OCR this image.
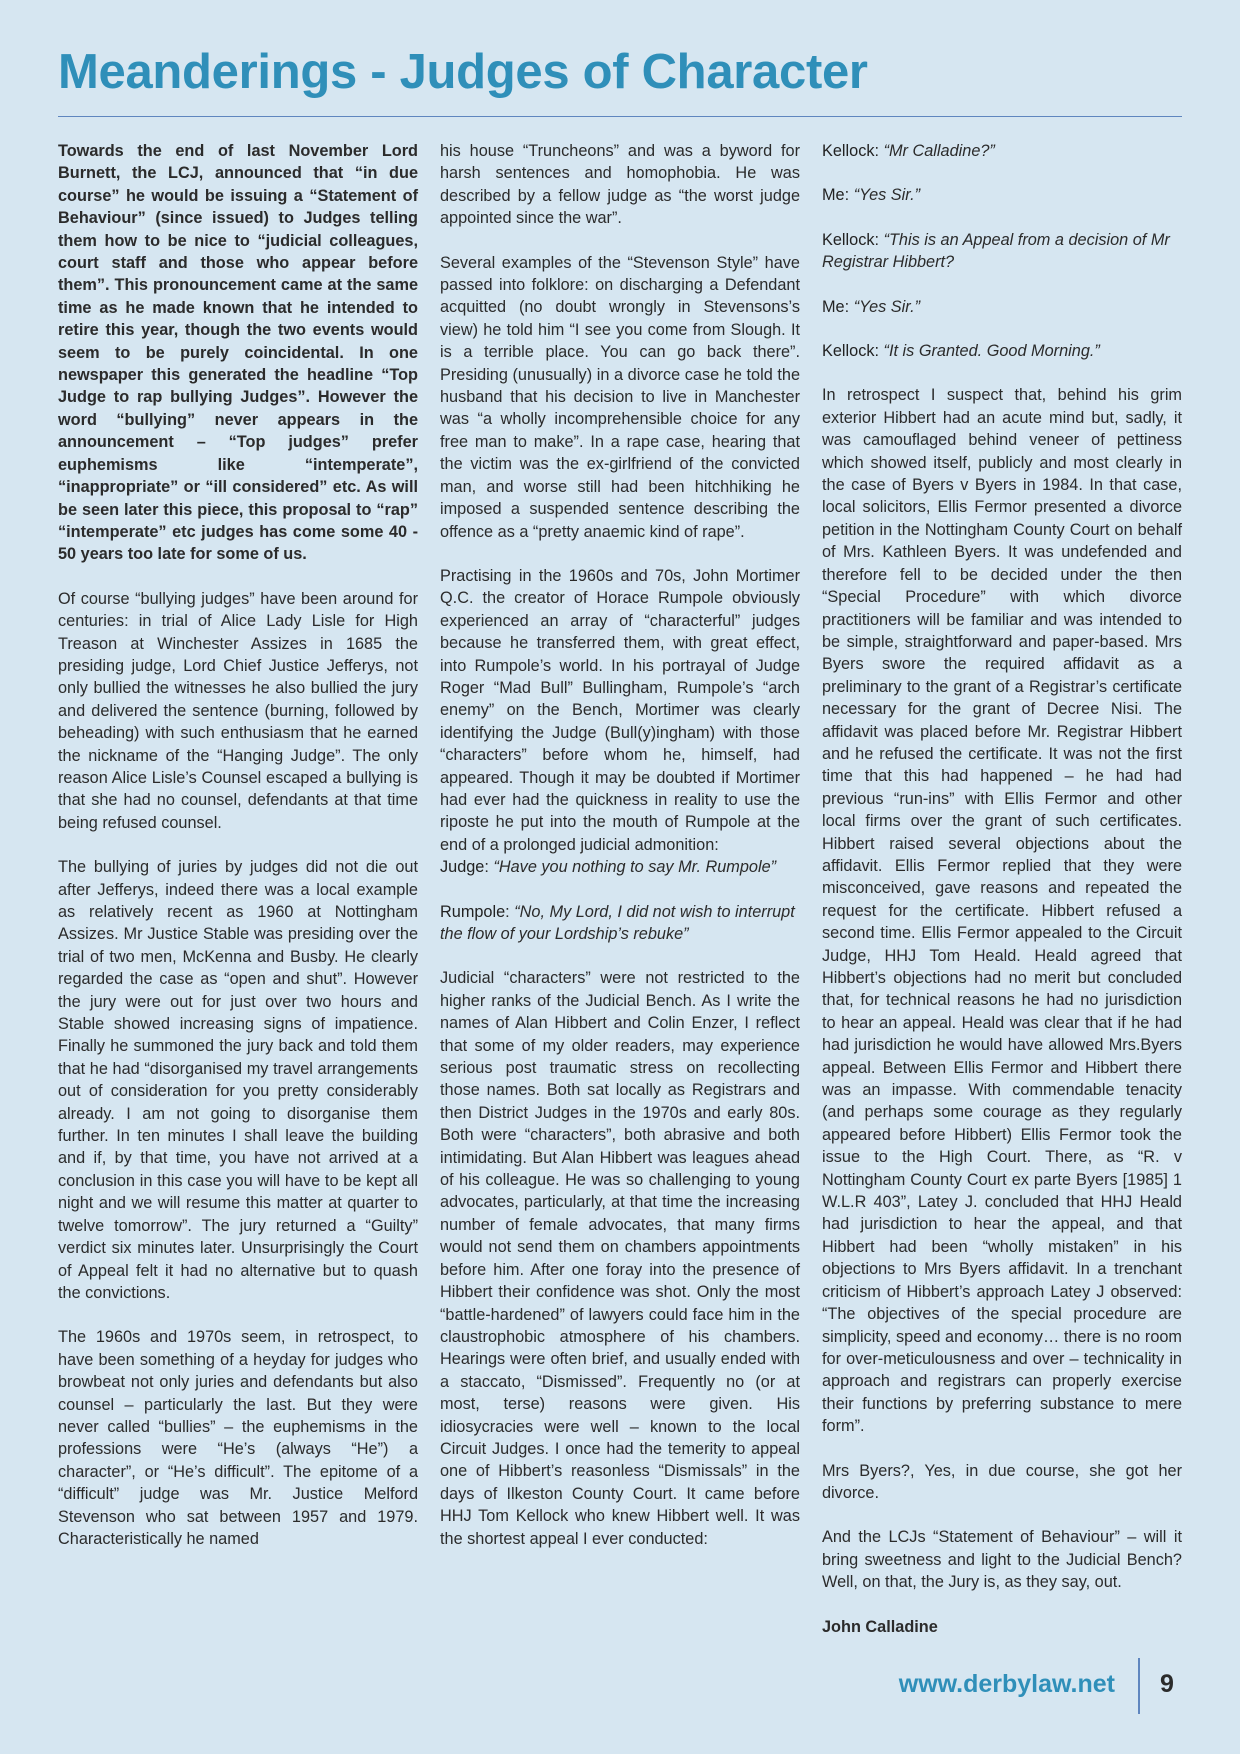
Meanderings - Judges of Character

Towards the end of last November Lord Burnett, the LCJ, announced that “in due course” he would be issuing a “Statement of Behaviour” (since issued) to Judges telling them how to be nice to “judicial colleagues, court staff and those who appear before them”. This pronouncement came at the same time as he made known that he intended to retire this year, though the two events would seem to be purely coincidental. In one newspaper this generated the headline “Top Judge to rap bullying Judges”. However the word “bullying” never appears in the announcement – “Top judges” prefer euphemisms like “intemperate”, “inappropriate” or “ill considered” etc. As will be seen later this piece, this proposal to “rap” “intemperate” etc judges has come some 40 - 50 years too late for some of us.

Of course “bullying judges” have been around for centuries: in trial of Alice Lady Lisle for High Treason at Winchester Assizes in 1685 the presiding judge, Lord Chief Justice Jefferys, not only bullied the witnesses he also bullied the jury and delivered the sentence (burning, followed by beheading) with such enthusiasm that he earned the nickname of the “Hanging Judge”. The only reason Alice Lisle’s Counsel escaped a bullying is that she had no counsel, defendants at that time being refused counsel.

The bullying of juries by judges did not die out after Jefferys, indeed there was a local example as relatively recent as 1960 at Nottingham Assizes. Mr Justice Stable was presiding over the trial of two men, McKenna and Busby. He clearly regarded the case as “open and shut”. However the jury were out for just over two hours and Stable showed increasing signs of impatience. Finally he summoned the jury back and told them that he had “disorganised my travel arrangements out of consideration for you pretty considerably already. I am not going to disorganise them further. In ten minutes I shall leave the building and if, by that time, you have not arrived at a conclusion in this case you will have to be kept all night and we will resume this matter at quarter to twelve tomorrow”. The jury returned a “Guilty” verdict six minutes later. Unsurprisingly the Court of Appeal felt it had no alternative but to quash the convictions.

The 1960s and 1970s seem, in retrospect, to have been something of a heyday for judges who browbeat not only juries and defendants but also counsel – particularly the last. But they were never called “bullies” – the euphemisms in the professions were “He’s (always “He”) a character”, or “He’s difficult”. The epitome of a “difficult” judge was Mr. Justice Melford Stevenson who sat between 1957 and 1979. Characteristically he named

his house “Truncheons” and was a byword for harsh sentences and homophobia. He was described by a fellow judge as “the worst judge appointed since the war”.

Several examples of the “Stevenson Style” have passed into folklore: on discharging a Defendant acquitted (no doubt wrongly in Stevensons’s view) he told him “I see you come from Slough. It is a terrible place. You can go back there”. Presiding (unusually) in a divorce case he told the husband that his decision to live in Manchester was “a wholly incomprehensible choice for any free man to make”. In a rape case, hearing that the victim was the ex-girlfriend of the convicted man, and worse still had been hitchhiking he imposed a suspended sentence describing the offence as a “pretty anaemic kind of rape”.

Practising in the 1960s and 70s, John Mortimer Q.C. the creator of Horace Rumpole obviously experienced an array of “characterful” judges because he transferred them, with great effect, into Rumpole’s world. In his portrayal of Judge Roger “Mad Bull” Bullingham, Rumpole’s “arch enemy” on the Bench, Mortimer was clearly identifying the Judge (Bull(y)ingham) with those “characters” before whom he, himself, had appeared. Though it may be doubted if Mortimer had ever had the quickness in reality to use the riposte he put into the mouth of Rumpole at the end of a prolonged judicial admonition:

Judge: “Have you nothing to say Mr. Rumpole”

Rumpole: “No, My Lord, I did not wish to interrupt the flow of your Lordship’s rebuke”

Judicial “characters” were not restricted to the higher ranks of the Judicial Bench. As I write the names of Alan Hibbert and Colin Enzer, I reflect that some of my older readers, may experience serious post traumatic stress on recollecting those names. Both sat locally as Registrars and then District Judges in the 1970s and early 80s. Both were “characters”, both abrasive and both intimidating. But Alan Hibbert was leagues ahead of his colleague. He was so challenging to young advocates, particularly, at that time the increasing number of female advocates, that many firms would not send them on chambers appointments before him. After one foray into the presence of Hibbert their confidence was shot. Only the most “battle-hardened” of lawyers could face him in the claustrophobic atmosphere of his chambers. Hearings were often brief, and usually ended with a staccato, “Dismissed”. Frequently no (or at most, terse) reasons were given. His idiosycracies were well – known to the local Circuit Judges. I once had the temerity to appeal one of Hibbert’s reasonless “Dismissals” in the days of Ilkeston County Court. It came before HHJ Tom Kellock who knew Hibbert well. It was the shortest appeal I ever conducted:

Kellock: “Mr Calladine?”

Me: “Yes Sir.”

Kellock: “This is an Appeal from a decision of Mr Registrar Hibbert?

Me: “Yes Sir.”

Kellock: “It is Granted. Good Morning.”

In retrospect I suspect that, behind his grim exterior Hibbert had an acute mind but, sadly, it was camouflaged behind veneer of pettiness which showed itself, publicly and most clearly in the case of Byers v Byers in 1984. In that case, local solicitors, Ellis Fermor presented a divorce petition in the Nottingham County Court on behalf of Mrs. Kathleen Byers. It was undefended and therefore fell to be decided under the then “Special Procedure” with which divorce practitioners will be familiar and was intended to be simple, straightforward and paper-based. Mrs Byers swore the required affidavit as a preliminary to the grant of a Registrar’s certificate necessary for the grant of Decree Nisi. The affidavit was placed before Mr. Registrar Hibbert and he refused the certificate. It was not the first time that this had happened – he had had previous “run-ins” with Ellis Fermor and other local firms over the grant of such certificates. Hibbert raised several objections about the affidavit. Ellis Fermor replied that they were misconceived, gave reasons and repeated the request for the certificate. Hibbert refused a second time. Ellis Fermor appealed to the Circuit Judge, HHJ Tom Heald. Heald agreed that Hibbert’s objections had no merit but concluded that, for technical reasons he had no jurisdiction to hear an appeal. Heald was clear that if he had had jurisdiction he would have allowed Mrs.Byers appeal. Between Ellis Fermor and Hibbert there was an impasse. With commendable tenacity (and perhaps some courage as they regularly appeared before Hibbert) Ellis Fermor took the issue to the High Court. There, as “R. v Nottingham County Court ex parte Byers [1985] 1 W.L.R 403”, Latey J. concluded that HHJ Heald had jurisdiction to hear the appeal, and that Hibbert had been “wholly mistaken” in his objections to Mrs Byers affidavit. In a trenchant criticism of Hibbert’s approach Latey J observed: “The objectives of the special procedure are simplicity, speed and economy… there is no room for over-meticulousness and over – technicality in approach and registrars can properly exercise their functions by preferring substance to mere form”.

Mrs Byers?, Yes, in due course, she got her divorce.

And the LCJs “Statement of Behaviour” – will it bring sweetness and light to the Judicial Bench? Well, on that, the Jury is, as they say, out.

John Calladine

www.derbylaw.net 9
